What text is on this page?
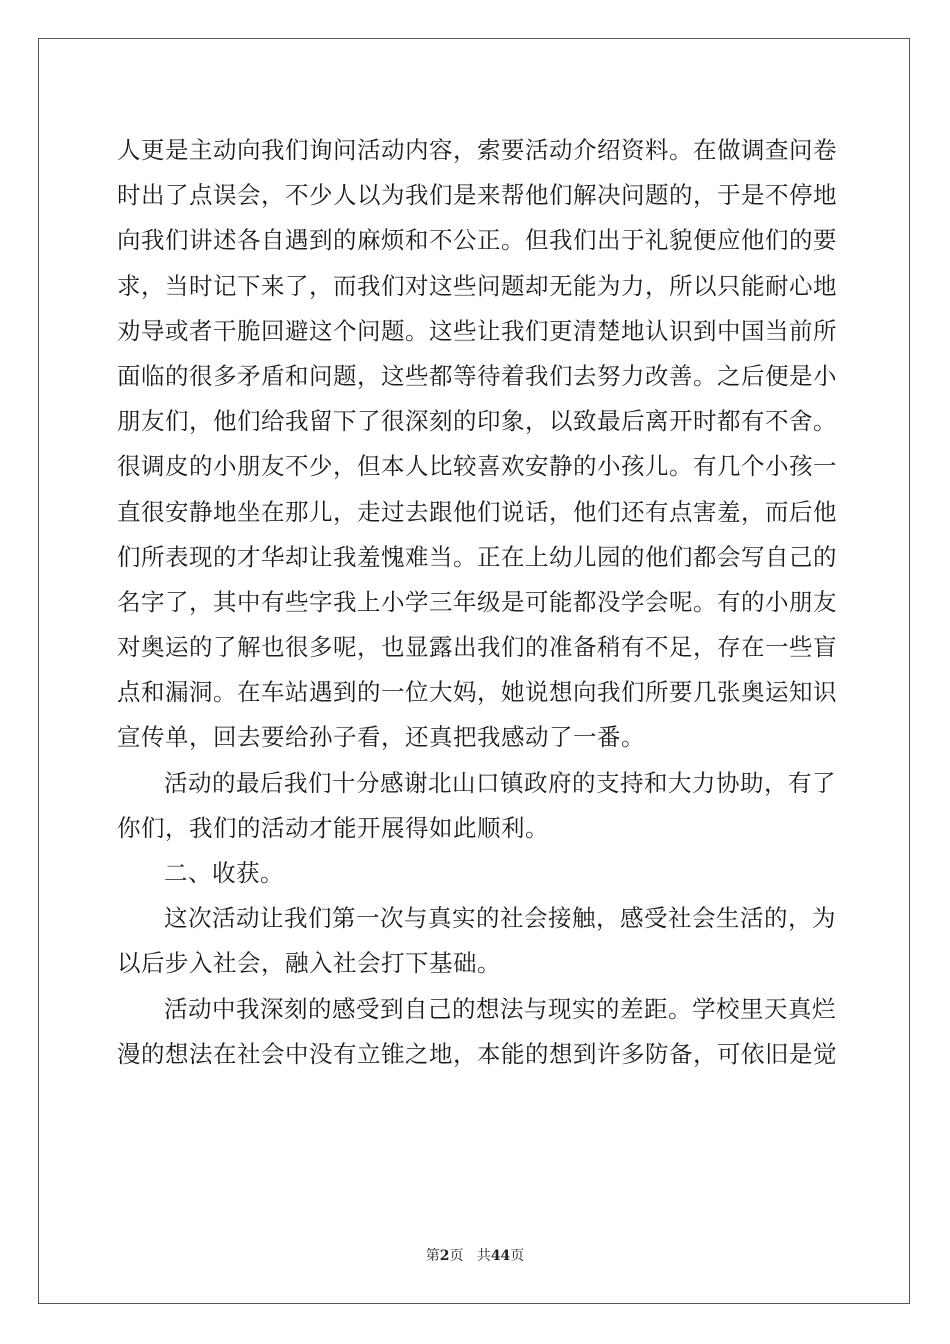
人更是主动向我们询问活动内容，索要活动介绍资料。在做调查问卷
时出了点误会，不少人以为我们是来帮他们解决问题的，于是不停地
向我们讲述各自遇到的麻烦和不公正。但我们出于礼貌便应他们的要
求，当时记下来了，而我们对这些问题却无能为力，所以只能耐心地
劝导或者干脆回避这个问题。这些让我们更清楚地认识到中国当前所
面临的很多矛盾和问题，这些都等待着我们去努力改善。之后便是小
朋友们，他们给我留下了很深刻的印象，以致最后离开时都有不舍。
很调皮的小朋友不少，但本人比较喜欢安静的小孩儿。有几个小孩一
直很安静地坐在那儿，走过去跟他们说话，他们还有点害羞，而后他
们所表现的才华却让我羞愧难当。正在上幼儿园的他们都会写自己的
名字了，其中有些字我上小学三年级是可能都没学会呢。有的小朋友
对奥运的了解也很多呢，也显露出我们的准备稍有不足，存在一些盲
点和漏洞。在车站遇到的一位大妈，她说想向我们所要几张奥运知识
宣传单，回去要给孙子看，还真把我感动了一番。
活动的最后我们十分感谢北山口镇政府的支持和大力协助，有了
你们，我们的活动才能开展得如此顺利。
二、收获。
这次活动让我们第一次与真实的社会接触，感受社会生活的，为
以后步入社会，融入社会打下基础。
活动中我深刻的感受到自己的想法与现实的差距。学校里天真烂
漫的想法在社会中没有立锥之地，本能的想到许多防备，可依旧是觉
第2页 共44页
